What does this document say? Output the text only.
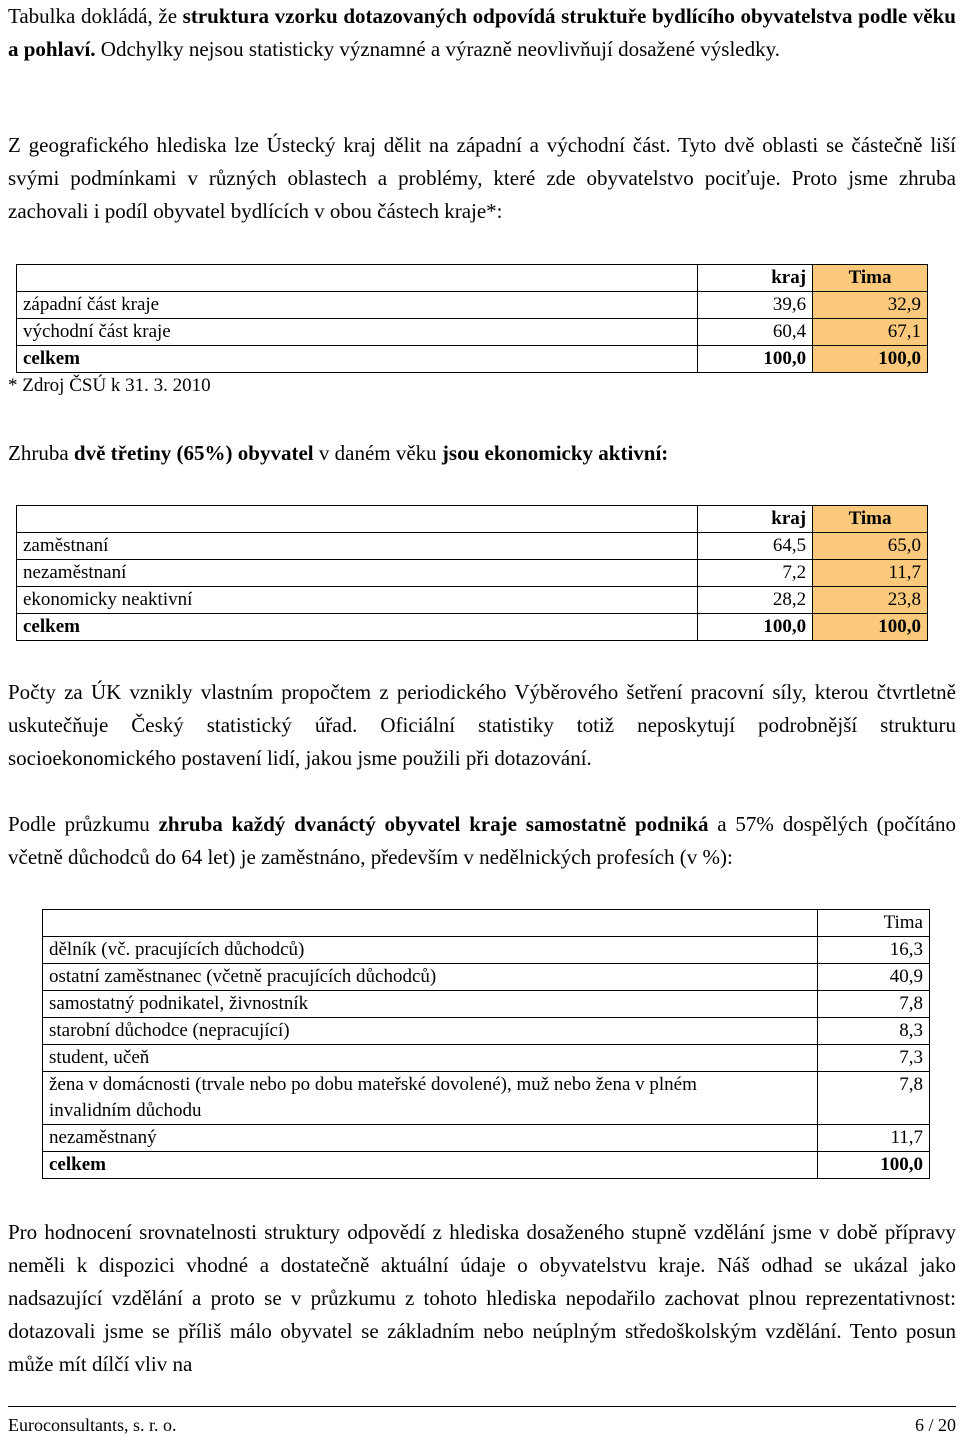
Tabulka dokládá, že struktura vzorku dotazovaných odpovídá struktuře bydlícího obyvatelstva podle věku a pohlaví. Odchylky nejsou statisticky významné a výrazně neovlivňují dosažené výsledky.

Z geografického hlediska lze Ústecký kraj dělit na západní a východní část. Tyto dvě oblasti se částečně liší svými podmínkami v různých oblastech a problémy, které zde obyvatelstvo pociťuje. Proto jsme zhruba zachovali i podíl obyvatel bydlících v obou částech kraje*:

	kraj	Tima
západní část kraje	39,6	32,9
východní část kraje	60,4	67,1
celkem	100,0	100,0
* Zdroj ČSÚ k 31. 3. 2010

Zhruba dvě třetiny (65%) obyvatel v daném věku jsou ekonomicky aktivní:

	kraj	Tima
zaměstnaní	64,5	65,0
nezaměstnaní	7,2	11,7
ekonomicky neaktivní	28,2	23,8
celkem	100,0	100,0

Počty za ÚK vznikly vlastním propočtem z periodického Výběrového šetření pracovní síly, kterou čtvrtletně uskutečňuje Český statistický úřad. Oficiální statistiky totiž neposkytují podrobnější strukturu socioekonomického postavení lidí, jakou jsme použili při dotazování.

Podle průzkumu zhruba každý dvanáctý obyvatel kraje samostatně podniká a 57% dospělých (počítáno včetně důchodců do 64 let) je zaměstnáno, především v nedělnických profesích (v %):

	Tima
dělník (vč. pracujících důchodců)	16,3
ostatní zaměstnanec (včetně pracujících důchodců)	40,9
samostatný podnikatel, živnostník	7,8
starobní důchodce (nepracující)	8,3
student, učeň	7,3
žena v domácnosti (trvale nebo po dobu mateřské dovolené), muž nebo žena v plném invalidním důchodu	7,8
nezaměstnaný	11,7
celkem	100,0

Pro hodnocení srovnatelnosti struktury odpovědí z hlediska dosaženého stupně vzdělání jsme v době přípravy neměli k dispozici vhodné a dostatečně aktuální údaje o obyvatelstvu kraje. Náš odhad se ukázal jako nadsazující vzdělání a proto se v průzkumu z tohoto hlediska nepodařilo zachovat plnou reprezentativnost: dotazovali jsme se příliš málo obyvatel se základním nebo neúplným středoškolským vzdělání. Tento posun může mít dílčí vliv na

Euroconsultants, s. r. o.	6 / 20
